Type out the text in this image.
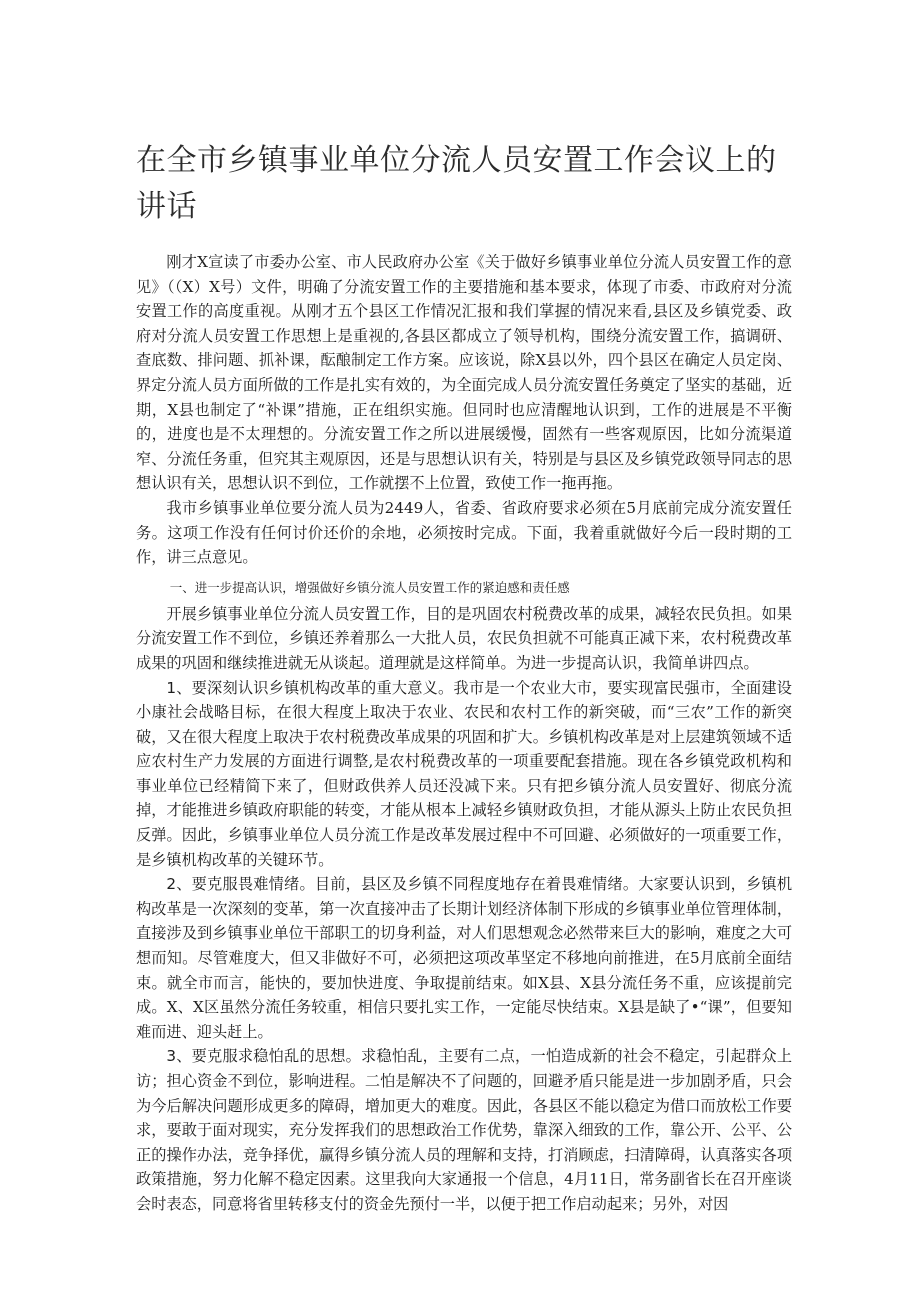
在全市乡镇事业单位分流人员安置工作会议上的讲话

刚才X宣读了市委办公室、市人民政府办公室《关于做好乡镇事业单位分流人员安置工作的意见》（（X）X号）文件，明确了分流安置工作的主要措施和基本要求，体现了市委、市政府对分流安置工作的高度重视。从刚才五个县区工作情况汇报和我们掌握的情况来看,县区及乡镇党委、政府对分流人员安置工作思想上是重视的,各县区都成立了领导机构，围绕分流安置工作，搞调研、查底数、排问题、抓补课，酝酿制定工作方案。应该说，除X县以外，四个县区在确定人员定岗、界定分流人员方面所做的工作是扎实有效的，为全面完成人员分流安置任务奠定了坚实的基础，近期，X县也制定了“补课”措施，正在组织实施。但同时也应清醒地认识到，工作的进展是不平衡的，进度也是不太理想的。分流安置工作之所以进展缓慢，固然有一些客观原因，比如分流渠道窄、分流任务重，但究其主观原因，还是与思想认识有关，特别是与县区及乡镇党政领导同志的思想认识有关，思想认识不到位，工作就摆不上位置，致使工作一拖再拖。

我市乡镇事业单位要分流人员为2449人，省委、省政府要求必须在5月底前完成分流安置任务。这项工作没有任何讨价还价的余地，必须按时完成。下面，我着重就做好今后一段时期的工作，讲三点意见。

一、进一步提高认识，增强做好乡镇分流人员安置工作的紧迫感和责任感

开展乡镇事业单位分流人员安置工作，目的是巩固农村税费改革的成果，减轻农民负担。如果分流安置工作不到位，乡镇还养着那么一大批人员，农民负担就不可能真正减下来，农村税费改革成果的巩固和继续推进就无从谈起。道理就是这样简单。为进一步提高认识，我简单讲四点。

1、要深刻认识乡镇机构改革的重大意义。我市是一个农业大市，要实现富民强市，全面建设小康社会战略目标，在很大程度上取决于农业、农民和农村工作的新突破，而“三农”工作的新突破，又在很大程度上取决于农村税费改革成果的巩固和扩大。乡镇机构改革是对上层建筑领域不适应农村生产力发展的方面进行调整,是农村税费改革的一项重要配套措施。现在各乡镇党政机构和事业单位已经精简下来了，但财政供养人员还没减下来。只有把乡镇分流人员安置好、彻底分流掉，才能推进乡镇政府职能的转变，才能从根本上减轻乡镇财政负担，才能从源头上防止农民负担反弹。因此，乡镇事业单位人员分流工作是改革发展过程中不可回避、必须做好的一项重要工作，是乡镇机构改革的关键环节。

2、要克服畏难情绪。目前，县区及乡镇不同程度地存在着畏难情绪。大家要认识到，乡镇机构改革是一次深刻的变革，第一次直接冲击了长期计划经济体制下形成的乡镇事业单位管理体制，直接涉及到乡镇事业单位干部职工的切身利益，对人们思想观念必然带来巨大的影响，难度之大可想而知。尽管难度大，但又非做好不可，必须把这项改革坚定不移地向前推进，在5月底前全面结束。就全市而言，能快的，要加快进度、争取提前结束。如X县、X县分流任务不重，应该提前完成。X、X区虽然分流任务较重，相信只要扎实工作，一定能尽快结束。X县是缺了•“课”，但要知难而进、迎头赶上。

3、要克服求稳怕乱的思想。求稳怕乱，主要有二点，一怕造成新的社会不稳定，引起群众上访；担心资金不到位，影响进程。二怕是解决不了问题的，回避矛盾只能是进一步加剧矛盾，只会为今后解决问题形成更多的障碍，增加更大的难度。因此，各县区不能以稳定为借口而放松工作要求，要敢于面对现实，充分发挥我们的思想政治工作优势，靠深入细致的工作，靠公开、公平、公正的操作办法，竞争择优，赢得乡镇分流人员的理解和支持，打消顾虑，扫清障碍，认真落实各项政策措施，努力化解不稳定因素。这里我向大家通报一个信息，4月11日，常务副省长在召开座谈会时表态，同意将省里转移支付的资金先预付一半，以便于把工作启动起来；另外，对因
